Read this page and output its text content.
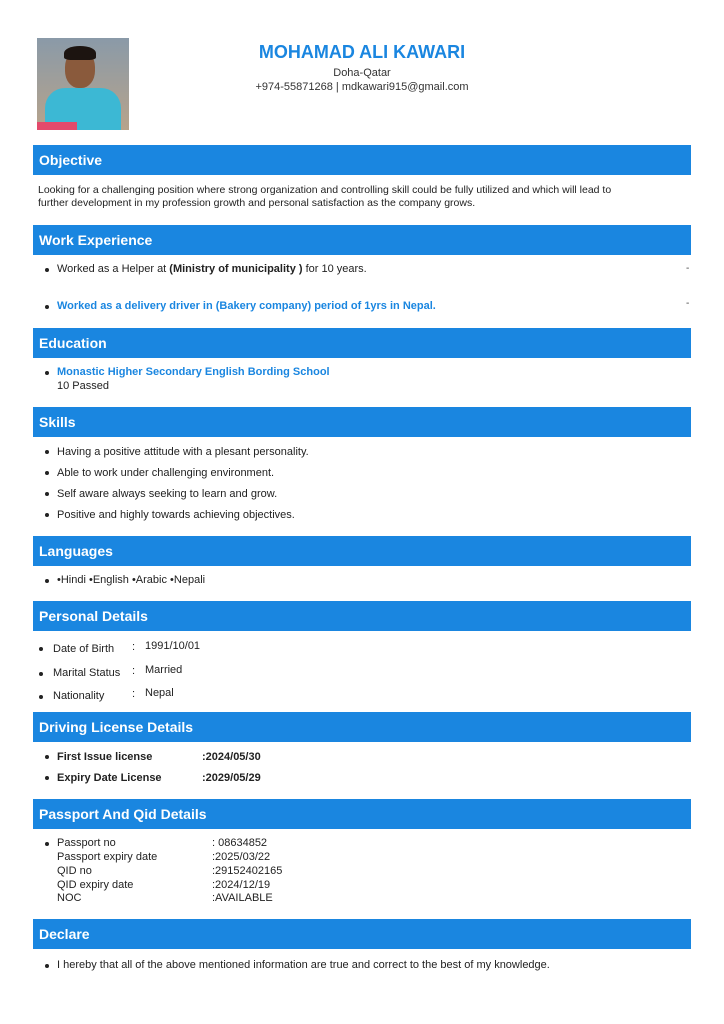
MOHAMAD ALI KAWARI
Doha-Qatar
+974-55871268 | mdkawari915@gmail.com
Objective
Looking for a challenging position where strong organization and controlling skill could be fully utilized and which will lead to
further development in my profession growth and personal satisfaction as the company grows.
Work Experience
Worked as a Helper at (Ministry of municipality ) for 10 years.	-
Worked as a delivery driver in (Bakery company) period of 1yrs in Nepal.	-
Education
Monastic Higher Secondary English Bording School
10 Passed
Skills
Having a positive attitude with a plesant personality.
Able to work under challenging environment.
Self aware always seeking to learn and grow.
Positive and highly towards achieving objectives.
Languages
•Hindi •English •Arabic •Nepali
Personal Details
Date of Birth : 1991/10/01
Marital Status : Married
Nationality	: Nepal
Driving License Details
First Issue license	:2024/05/30
Expiry Date License	:2029/05/29
Passport And Qid Details
Passport no	: 08634852
Passport expiry date	:2025/03/22
QID no	:29152402165
QID expiry date	:2024/12/19
NOC	:AVAILABLE
Declare
I hereby that all of the above mentioned information are true and correct to the best of my knowledge.
